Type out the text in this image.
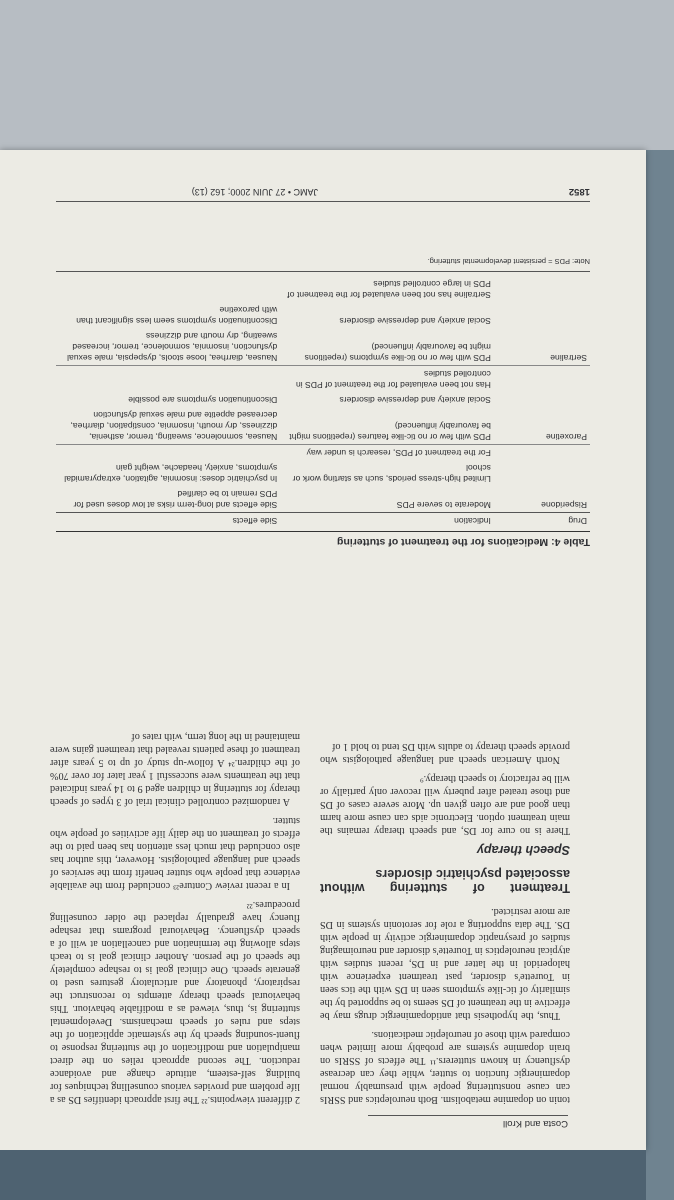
Costa and Kroll

tonin on dopamine metabolism. Both neuroleptics and SSRIs can cause nonstuttering people with presumably normal dopaminergic function to stutter, while they can decrease dysfluency in known stutterers.¹¹ The effects of SSRIs on brain dopamine systems are probably more limited when compared with those of neuroleptic medications.

Thus, the hypothesis that antidopaminergic drugs may be effective in the treatment of DS seems to be supported by the similarity of tic-like symptoms seen in DS with the tics seen in Tourette's disorder, past treatment experience with haloperidol in the latter and in DS, recent studies with atypical neuroleptics in Tourette's disorder and neuroimaging studies of presynaptic dopaminergic activity in people with DS. The data supporting a role for serotonin systems in DS are more restricted.

Treatment of stuttering without associated psychiatric disorders
Speech therapy

There is no cure for DS, and speech therapy remains the main treatment option. Electronic aids can cause more harm than good and are often given up. More severe cases of DS and those treated after puberty will recover only partially or will be refractory to speech therapy.⁹

North American speech and language pathologists who provide speech therapy to adults with DS tend to hold 1 of

2 different viewpoints.²² The first approach identifies DS as a life problem and provides various counselling techniques for building self-esteem, attitude change and avoidance reduction. The second approach relies on the direct manipulation and modification of the stuttering response to fluent-sounding speech by the systematic application of the steps and rules of speech mechanisms. Developmental stuttering is, thus, viewed as a modifiable behaviour. This behavioural speech therapy attempts to reconstruct the respiratory, phonatory and articulatory gestures used to generate speech. One clinical goal is to reshape completely the speech of the person. Another clinical goal is to teach steps allowing the termination and cancellation at will of a speech dysfluency. Behavioural programs that reshape fluency have gradually replaced the older counselling procedures.²²

In a recent review Conture²³ concluded from the available evidence that people who stutter benefit from the services of speech and language pathologists. However, this author has also concluded that much less attention has been paid to the effects of treatment on the daily life activities of people who stutter.

A randomized controlled clinical trial of 3 types of speech therapy for stuttering in children aged 9 to 14 years indicated that the treatments were successful 1 year later for over 70% of the children.²⁴ A follow-up study of up to 5 years after treatment of these patients revealed that treatment gains were maintained in the long term, with rates of

Table 4: Medications for the treatment of stuttering
Drug	Indication	Side effects
Risperidone	Moderate to severe PDS	Side effects and long-term risks at low doses used for PDS remain to be clarified
	Limited high-stress periods, such as starting work or school	In psychiatric doses: insomnia, agitation, extrapyramidal symptoms, anxiety, headache, weight gain
	For the treatment of PDS, research is under way	
Paroxetine	PDS with few or no tic-like features (repetitions might be favourably influenced)	Nausea, somnolence, sweating, tremor, asthenia, dizziness, dry mouth, insomnia, constipation, diarrhea, decreased appetite and male sexual dysfunction
	Social anxiety and depressive disorders	Discontinuation symptoms are possible
	Has not been evaluated for the treatment of PDS in controlled studies	
Sertraline	PDS with few or no tic-like symptoms (repetitions might be favourably influenced)	Nausea, diarrhea, loose stools, dyspepsia, male sexual dysfunction, insomnia, somnolence, tremor, increased sweating, dry mouth and dizziness
	Social anxiety and depressive disorders	Discontinuation symptoms seem less significant than with paroxetine
	Sertraline has not been evaluated for the treatment of PDS in large controlled studies	
Note: PDS = persistent developmental stuttering.
1852
JAMC • 27 JUIN 2000; 162 (13)
